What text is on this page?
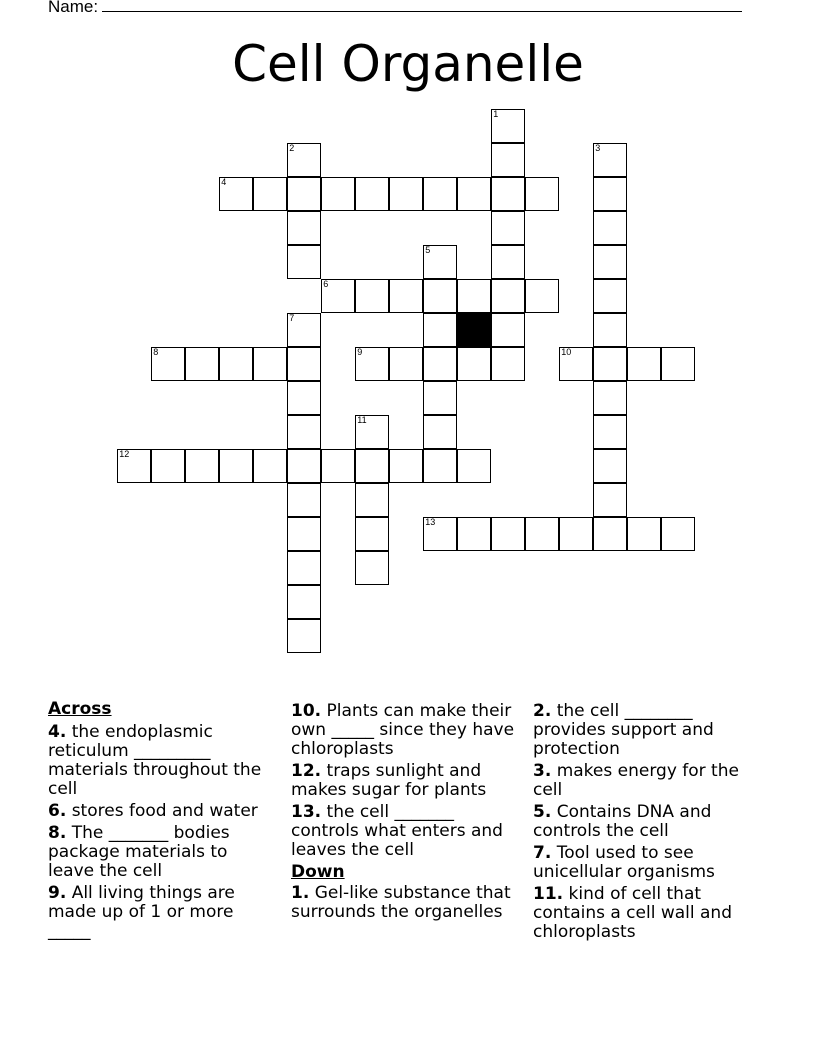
Name:
Cell Organelle
1
2	3
4
5
6
7
8	9	10
11
12
13
Across
4. the endoplasmic reticulum _________ materials throughout the cell
6. stores food and water
8. The _______ bodies package materials to leave the cell
9. All living things are made up of 1 or more _____
10. Plants can make their own _____ since they have chloroplasts
12. traps sunlight and makes sugar for plants
13. the cell _______ controls what enters and leaves the cell
Down
1. Gel-like substance that surrounds the organelles
2. the cell ________ provides support and protection
3. makes energy for the cell
5. Contains DNA and controls the cell
7. Tool used to see unicellular organisms
11. kind of cell that contains a cell wall and chloroplasts
